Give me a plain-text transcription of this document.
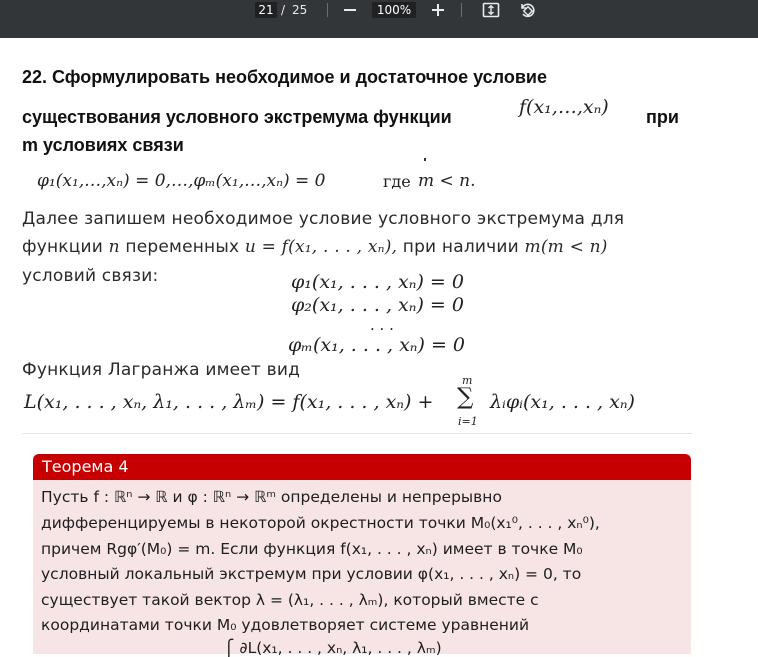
21 / 25	100%
22. Сформулировать необходимое и достаточное условие
существования условного экстремума функции	f(x₁,…,xₙ) при
m условиях связи
φ₁(x₁,…,xₙ) = 0,…,φₘ(x₁,…,xₙ) = 0	где m < n.
Далее запишем необходимое условие условного экстремума для
функции n переменных u = f(x₁, . . . , xₙ), при наличии m(m < n)
условий связи:	φ₁(x₁, . . . , xₙ) = 0
φ₂(x₁, . . . , xₙ) = 0
. . .
φₘ(x₁, . . . , xₙ) = 0
Функция Лагранжа имеет вид
L(x₁, . . . , xₙ, λ₁, . . . , λₘ) = f(x₁, . . . , xₙ) +
m
∑
i=1
λᵢφᵢ(x₁, . . . , xₙ)
Теорема 4
Пусть f : ℝⁿ → ℝ и φ : ℝⁿ → ℝᵐ определены и непрерывно
дифференцируемы в некоторой окрестности точки M₀(x₁⁰, . . . , xₙ⁰),
причем Rgφ′(M₀) = m. Если функция f(x₁, . . . , xₙ) имеет в точке M₀
условный локальный экстремум при условии φ(x₁, . . . , xₙ) = 0, то
существует такой вектор λ = (λ₁, . . . , λₘ), который вместе с
координатами точки M₀ удовлетворяет системе уравнений
⎧ ∂L(x₁, . . . , xₙ, λ₁, . . . , λₘ)
